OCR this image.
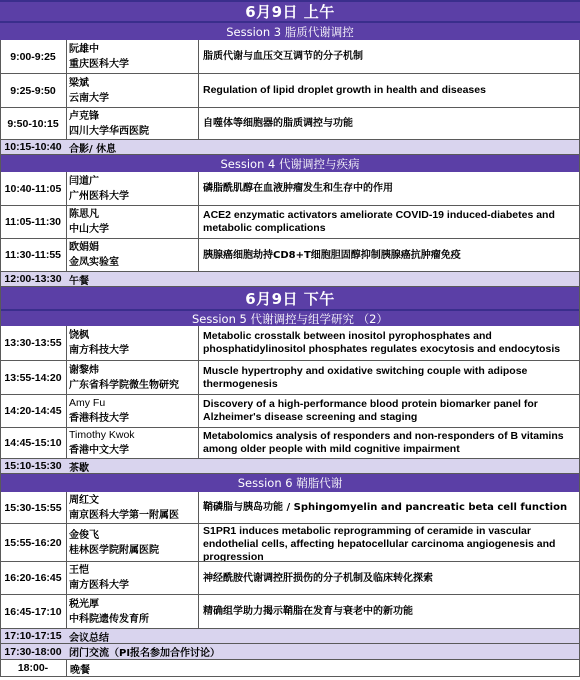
6月9日 上午
Session 3 脂质代谢调控
9:00-9:25
阮雄中
重庆医科大学
脂质代谢与血压交互调节的分子机制
9:25-9:50
梁斌
云南大学
Regulation of lipid droplet growth in health and diseases
9:50-10:15
卢克锋
四川大学华西医院
自噬体等细胞器的脂质调控与功能
10:15-10:40 合影/ 休息
Session 4 代谢调控与疾病
10:40-11:05
闫道广
广州医科大学
磷脂酰肌醇在血液肿瘤发生和生存中的作用
11:05-11:30
陈思凡
中山大学
ACE2 enzymatic activators ameliorate COVID-19 induced-diabetes and metabolic complications
11:30-11:55
欧娟娟
金凤实验室
胰腺癌细胞劫持CD8+T细胞胆固醇抑制胰腺癌抗肿瘤免疫
12:00-13:30 午餐
6月9日 下午
Session 5 代谢调控与组学研究 （2）
13:30-13:55
饶枫
南方科技大学
Metabolic crosstalk between inositol pyrophosphates and phosphatidylinositol phosphates regulates exocytosis and endocytosis
13:55-14:20
谢黎炜
广东省科学院微生物研究
Muscle hypertrophy and oxidative switching couple with adipose thermogenesis
14:20-14:45
Amy Fu
香港科技大学
Discovery of a high-performance blood protein biomarker panel for Alzheimer's disease screening and staging
14:45-15:10
Timothy Kwok
香港中文大学
Metabolomics analysis of responders and non-responders of B vitamins among older people with mild cognitive impairment
15:10-15:30 茶歇
Session 6 鞘脂代谢
15:30-15:55
周红文
南京医科大学第一附属医
鞘磷脂与胰岛功能 / Sphingomyelin and pancreatic beta cell function
15:55-16:20
金俊飞
桂林医学院附属医院
S1PR1 induces metabolic reprogramming of ceramide in vascular endothelial cells, affecting hepatocellular carcinoma angiogenesis and progression
16:20-16:45
王恺
南方医科大学
神经酰胺代谢调控肝损伤的分子机制及临床转化探索
16:45-17:10
税光厚
中科院遗传发育所
精确组学助力揭示鞘脂在发育与衰老中的新功能
17:10-17:15 会议总结
17:30-18:00 闭门交流（PI报名参加合作讨论）
18:00-	晚餐
